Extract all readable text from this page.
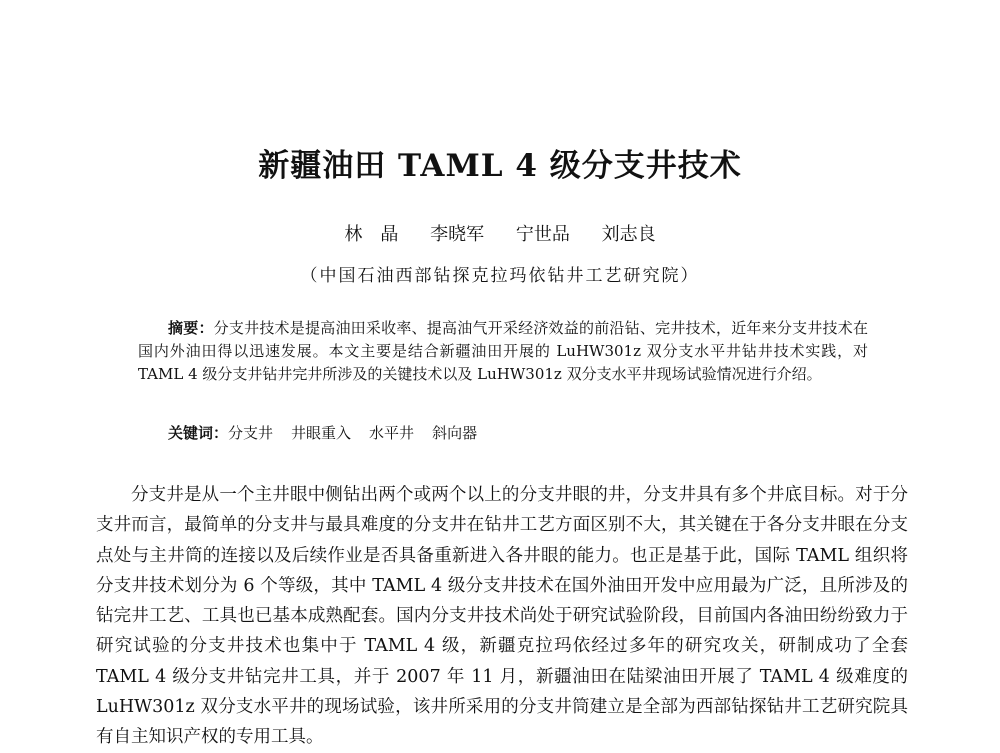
新疆油田 TAML 4 级分支井技术
林　晶 李晓军 宁世品 刘志良
（中国石油西部钻探克拉玛依钻井工艺研究院）
摘要：分支井技术是提高油田采收率、提高油气开采经济效益的前沿钻、完井技术，近年来分支井技术在国内外油田得以迅速发展。本文主要是结合新疆油田开展的 LuHW301z 双分支水平井钻井技术实践，对 TAML 4 级分支井钻井完井所涉及的关键技术以及 LuHW301z 双分支水平井现场试验情况进行介绍。
关键词：分支井 井眼重入 水平井 斜向器
分支井是从一个主井眼中侧钻出两个或两个以上的分支井眼的井，分支井具有多个井底目标。对于分支井而言，最简单的分支井与最具难度的分支井在钻井工艺方面区别不大，其关键在于各分支井眼在分支点处与主井筒的连接以及后续作业是否具备重新进入各井眼的能力。也正是基于此，国际 TAML 组织将分支井技术划分为 6 个等级，其中 TAML 4 级分支井技术在国外油田开发中应用最为广泛，且所涉及的钻完井工艺、工具也已基本成熟配套。国内分支井技术尚处于研究试验阶段，目前国内各油田纷纷致力于研究试验的分支井技术也集中于 TAML 4 级，新疆克拉玛依经过多年的研究攻关，研制成功了全套 TAML 4 级分支井钻完井工具，并于 2007 年 11 月，新疆油田在陆梁油田开展了 TAML 4 级难度的 LuHW301z 双分支水平井的现场试验，该井所采用的分支井筒建立是全部为西部钻探钻井工艺研究院具有自主知识产权的专用工具。
